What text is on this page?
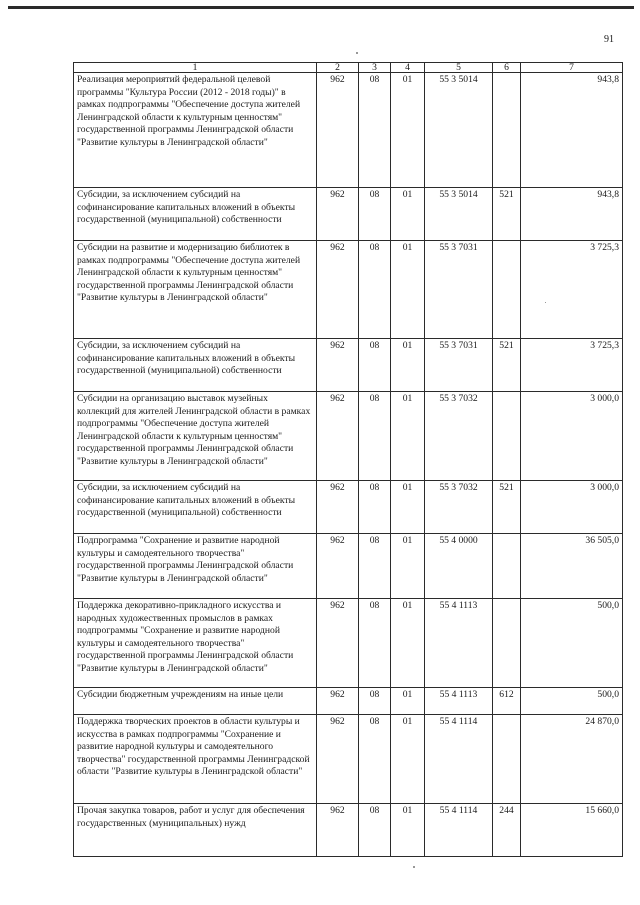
91
1	2	3	4	5	6	7
Реализация мероприятий федеральной целевой программы "Культура России (2012 - 2018 годы)" в рамках подпрограммы "Обеспечение доступа жителей Ленинградской области к культурным ценностям" государственной программы Ленинградской области "Развитие культуры в Ленинградской области"	962	08	01	55 3 5014		943,8
Субсидии, за исключением субсидий на софинансирование капитальных вложений в объекты государственной (муниципальной) собственности	962	08	01	55 3 5014	521	943,8
Субсидии на развитие и модернизацию библиотек в рамках подпрограммы "Обеспечение доступа жителей Ленинградской области к культурным ценностям" государственной программы Ленинградской области "Развитие культуры в Ленинградской области"	962	08	01	55 3 7031		3 725,3
Субсидии, за исключением субсидий на софинансирование капитальных вложений в объекты государственной (муниципальной) собственности	962	08	01	55 3 7031	521	3 725,3
Субсидии на организацию выставок музейных коллекций для жителей Ленинградской области в рамках подпрограммы "Обеспечение доступа жителей Ленинградской области к культурным ценностям" государственной программы Ленинградской области "Развитие культуры в Ленинградской области"	962	08	01	55 3 7032		3 000,0
Субсидии, за исключением субсидий на софинансирование капитальных вложений в объекты государственной (муниципальной) собственности	962	08	01	55 3 7032	521	3 000,0
Подпрограмма "Сохранение и развитие народной культуры и самодеятельного творчества" государственной программы Ленинградской области "Развитие культуры в Ленинградской области"	962	08	01	55 4 0000		36 505,0
Поддержка декоративно-прикладного искусства и народных художественных промыслов в рамках подпрограммы "Сохранение и развитие народной культуры и самодеятельного творчества" государственной программы Ленинградской области "Развитие культуры в Ленинградской области"	962	08	01	55 4 1113		500,0
Субсидии бюджетным учреждениям на иные цели	962	08	01	55 4 1113	612	500,0
Поддержка творческих проектов в области культуры и искусства в рамках подпрограммы "Сохранение и развитие народной культуры и самодеятельного творчества" государственной программы Ленинградской области "Развитие культуры в Ленинградской области"	962	08	01	55 4 1114		24 870,0
Прочая закупка товаров, работ и услуг для обеспечения государственных (муниципальных) нужд	962	08	01	55 4 1114	244	15 660,0
